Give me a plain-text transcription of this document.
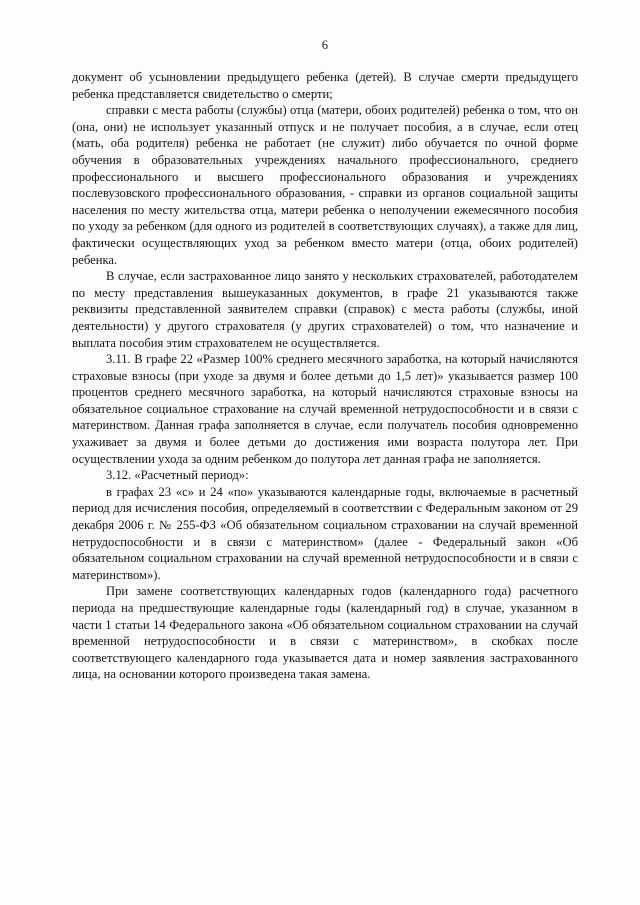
6

документ об усыновлении предыдущего ребенка (детей). В случае смерти предыдущего ребенка представляется свидетельство о смерти;

справки с места работы (службы) отца (матери, обоих родителей) ребенка о том, что он (она, они) не использует указанный отпуск и не получает пособия, а в случае, если отец (мать, оба родителя) ребенка не работает (не служит) либо обучается по очной форме обучения в образовательных учреждениях начального профессионального, среднего профессионального и высшего профессионального образования и учреждениях послевузовского профессионального образования, - справки из органов социальной защиты населения по месту жительства отца, матери ребенка о неполучении ежемесячного пособия по уходу за ребенком (для одного из родителей в соответствующих случаях), а также для лиц, фактически осуществляющих уход за ребенком вместо матери (отца, обоих родителей) ребенка.

В случае, если застрахованное лицо занято у нескольких страхователей, работодателем по месту представления вышеуказанных документов, в графе 21 указываются также реквизиты представленной заявителем справки (справок) с места работы (службы, иной деятельности) у другого страхователя (у других страхователей) о том, что назначение и выплата пособия этим страхователем не осуществляется.

3.11. В графе 22 «Размер 100% среднего месячного заработка, на который начисляются страховые взносы (при уходе за двумя и более детьми до 1,5 лет)» указывается размер 100 процентов среднего месячного заработка, на который начисляются страховые взносы на обязательное социальное страхование на случай временной нетрудоспособности и в связи с материнством. Данная графа заполняется в случае, если получатель пособия одновременно ухаживает за двумя и более детьми до достижения ими возраста полутора лет. При осуществлении ухода за одним ребенком до полутора лет данная графа не заполняется.

3.12. «Расчетный период»:

в графах 23 «с» и 24 «по» указываются календарные годы, включаемые в расчетный период для исчисления пособия, определяемый в соответствии с Федеральным законом от 29 декабря 2006 г. № 255-ФЗ «Об обязательном социальном страховании на случай временной нетрудоспособности и в связи с материнством» (далее - Федеральный закон «Об обязательном социальном страховании на случай временной нетрудоспособности и в связи с материнством»).

При замене соответствующих календарных годов (календарного года) расчетного периода на предшествующие календарные годы (календарный год) в случае, указанном в части 1 статьи 14 Федерального закона «Об обязательном социальном страховании на случай временной нетрудоспособности и в связи с материнством», в скобках после соответствующего календарного года указывается дата и номер заявления застрахованного лица, на основании которого произведена такая замена.
